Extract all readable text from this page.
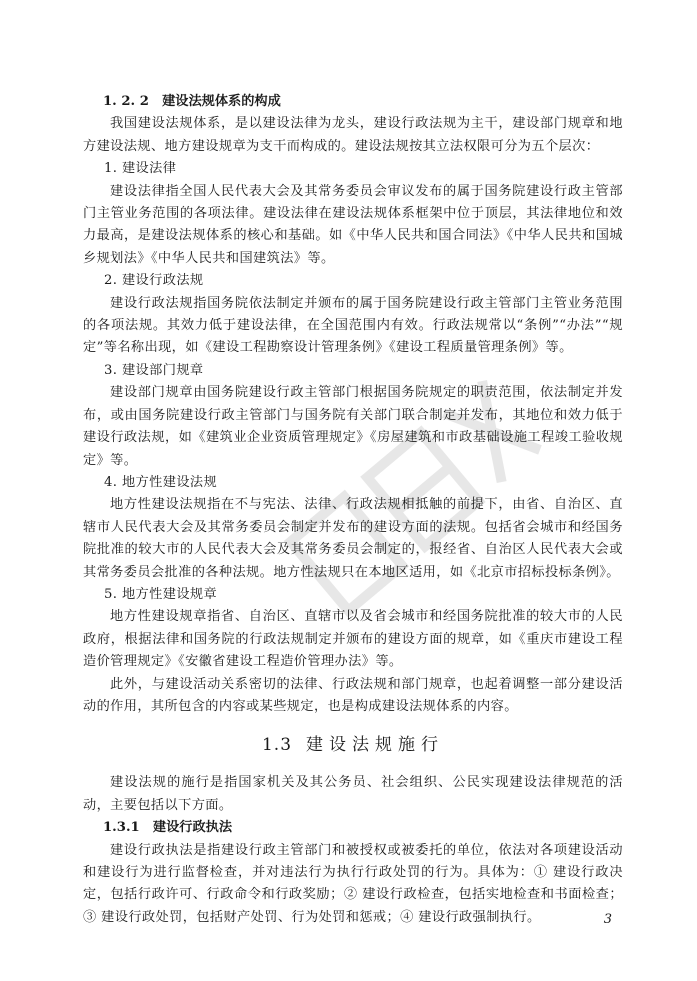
1. 2. 2　建设法规体系的构成

我国建设法规体系，是以建设法律为龙头，建设行政法规为主干，建设部门规章和地方建设法规、地方建设规章为支干而构成的。建设法规按其立法权限可分为五个层次：

1. 建设法律

建设法律指全国人民代表大会及其常务委员会审议发布的属于国务院建设行政主管部门主管业务范围的各项法律。建设法律在建设法规体系框架中位于顶层，其法律地位和效力最高，是建设法规体系的核心和基础。如《中华人民共和国合同法》《中华人民共和国城乡规划法》《中华人民共和国建筑法》等。

2. 建设行政法规

建设行政法规指国务院依法制定并颁布的属于国务院建设行政主管部门主管业务范围的各项法规。其效力低于建设法律，在全国范围内有效。行政法规常以“条例”“办法”“规定”等名称出现，如《建设工程勘察设计管理条例》《建设工程质量管理条例》等。

3. 建设部门规章

建设部门规章由国务院建设行政主管部门根据国务院规定的职责范围，依法制定并发布，或由国务院建设行政主管部门与国务院有关部门联合制定并发布，其地位和效力低于建设行政法规，如《建筑业企业资质管理规定》《房屋建筑和市政基础设施工程竣工验收规定》等。

4. 地方性建设法规

地方性建设法规指在不与宪法、法律、行政法规相抵触的前提下，由省、自治区、直辖市人民代表大会及其常务委员会制定并发布的建设方面的法规。包括省会城市和经国务院批准的较大市的人民代表大会及其常务委员会制定的，报经省、自治区人民代表大会或其常务委员会批准的各种法规。地方性法规只在本地区适用，如《北京市招标投标条例》。

5. 地方性建设规章

地方性建设规章指省、自治区、直辖市以及省会城市和经国务院批准的较大市的人民政府，根据法律和国务院的行政法规制定并颁布的建设方面的规章，如《重庆市建设工程造价管理规定》《安徽省建设工程造价管理办法》等。

此外，与建设活动关系密切的法律、行政法规和部门规章，也起着调整一部分建设活动的作用，其所包含的内容或某些规定，也是构成建设法规体系的内容。

1.3 建设法规施行

建设法规的施行是指国家机关及其公务员、社会组织、公民实现建设法律规范的活动，主要包括以下方面。

1.3.1　建设行政执法

建设行政执法是指建设行政主管部门和被授权或被委托的单位，依法对各项建设活动和建设行为进行监督检查，并对违法行为执行行政处罚的行为。具体为：① 建设行政决定，包括行政许可、行政命令和行政奖励；② 建设行政检查，包括实地检查和书面检查；③ 建设行政处罚，包括财产处罚、行为处罚和惩戒；④ 建设行政强制执行。	3
